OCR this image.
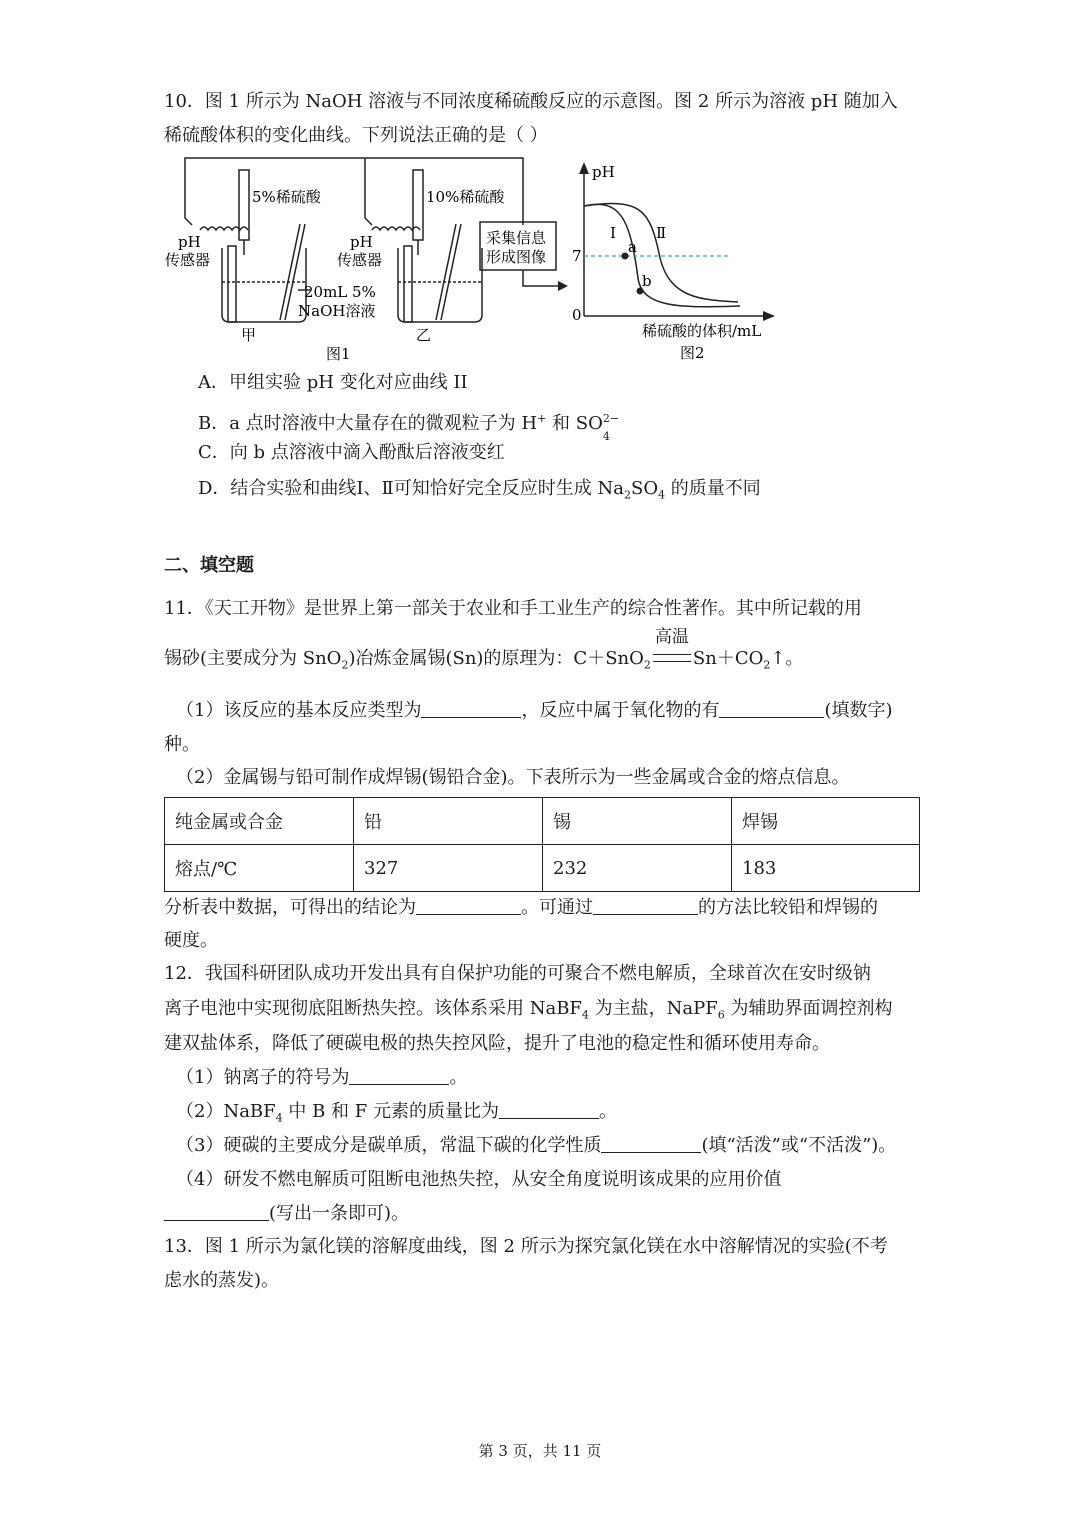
10．图 1 所示为 NaOH 溶液与不同浓度稀硫酸反应的示意图。图 2 所示为溶液 pH 随加入
稀硫酸体积的变化曲线。下列说法正确的是（ ）
5%稀硫酸	10%稀硫酸
pH
传感器
pH
传感器
20mL 5%
NaOH溶液
甲	乙
采集信息
形成图像
图1
pH
7
0
Ⅰ	Ⅱ
a
b
稀硫酸的体积/mL
图2
A．甲组实验 pH 变化对应曲线 II
B．a 点时溶液中大量存在的微观粒子为 H+ 和 SO 2−
4
C．向 b 点溶液中滴入酚酞后溶液变红
D．结合实验和曲线Ⅰ、Ⅱ可知恰好完全反应时生成 $Na_2SO_4$ 的质量不同
二、填空题
11．《天工开物》是世界上第一部关于农业和手工业生产的综合性著作。其中所记载的用
锡砂(主要成分为 SnO$_2$)冶炼金属锡(Sn)的原理为：C＋SnO$_2$
高温
$Sn+CO_2↑$。
（1）该反应的基本反应类型为	，反应中属于氧化物的有	(填数字)
种。
（2）金属锡与铅可制作成焊锡(锡铅合金)。下表所示为一些金属或合金的熔点信息。
纯金属或合金	铅	锡	焊锡
熔点/℃	327	232	183
分析表中数据，可得出的结论为	。可通过	的方法比较铅和焊锡的
硬度。
12．我国科研团队成功开发出具有自保护功能的可聚合不燃电解质，全球首次在安时级钠
离子电池中实现彻底阻断热失控。该体系采用 NaBF$_4$ 为主盐，NaPF$_6$ 为辅助界面调控剂构
建双盐体系，降低了硬碳电极的热失控风险，提升了电池的稳定性和循环使用寿命。
（1）钠离子的符号为	。
（2）NaBF$_4$ 中 B 和 F 元素的质量比为	。
（3）硬碳的主要成分是碳单质，常温下碳的化学性质	(填“活泼”或“不活泼”)。
（4）研发不燃电解质可阻断电池热失控，从安全角度说明该成果的应用价值
(写出一条即可)。
13．图 1 所示为氯化镁的溶解度曲线，图 2 所示为探究氯化镁在水中溶解情况的实验(不考
虑水的蒸发)。
第 3 页，共 11 页
